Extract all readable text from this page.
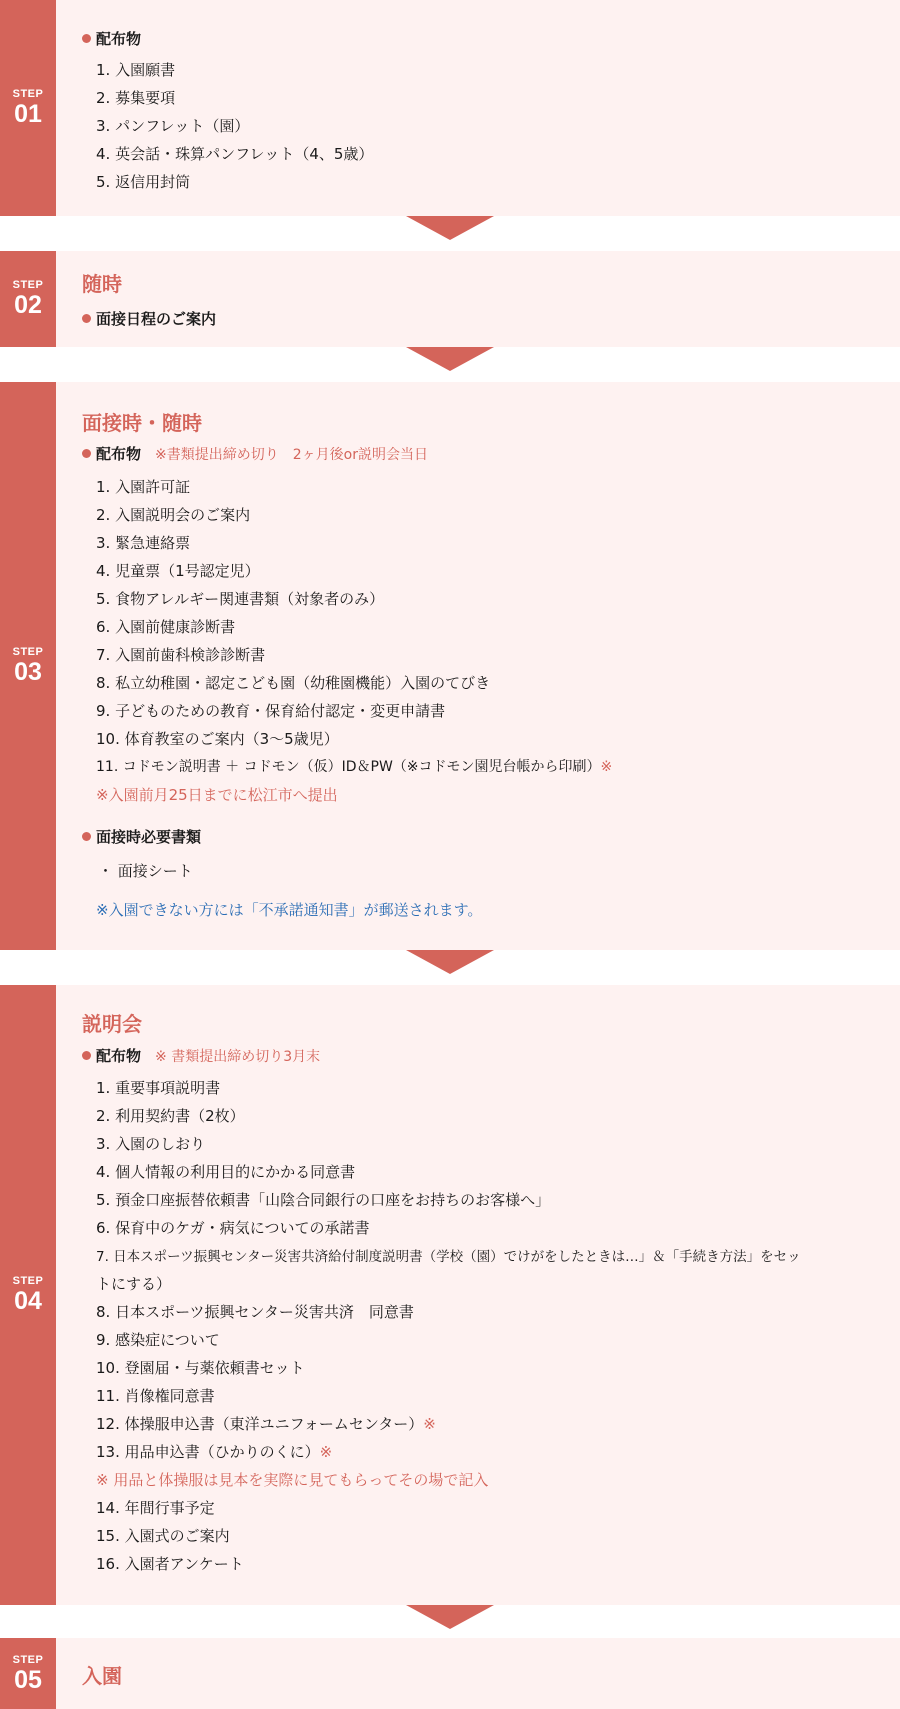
STEP
01
配布物
1. 入園願書
2. 募集要項
3. パンフレット（園）
4. 英会話・珠算パンフレット（4、5歳）
5. 返信用封筒
STEP
02
随時
面接日程のご案内
STEP
03
面接時・随時
配布物 ※書類提出締め切り　2ヶ月後or説明会当日
1. 入園許可証
2. 入園説明会のご案内
3. 緊急連絡票
4. 児童票（1号認定児）
5. 食物アレルギー関連書類（対象者のみ）
6. 入園前健康診断書
7. 入園前歯科検診診断書
8. 私立幼稚園・認定こども園（幼稚園機能）入園のてびき
9. 子どものための教育・保育給付認定・変更申請書
10. 体育教室のご案内（3〜5歳児）
11. コドモン説明書 ＋ コドモン（仮）ID＆PW（※コドモン園児台帳から印刷）※
※入園前月25日までに松江市へ提出
面接時必要書類
・ 面接シート
※入園できない方には「不承諾通知書」が郵送されます。
STEP
04
説明会
配布物 ※ 書類提出締め切り3月末
1. 重要事項説明書
2. 利用契約書（2枚）
3. 入園のしおり
4. 個人情報の利用目的にかかる同意書
5. 預金口座振替依頼書「山陰合同銀行の口座をお持ちのお客様へ」
6. 保育中のケガ・病気についての承諾書
7. 日本スポーツ振興センター災害共済給付制度説明書（学校（園）でけがをしたときは…」＆「手続き方法」をセッ
トにする）
8. 日本スポーツ振興センター災害共済　同意書
9. 感染症について
10. 登園届・与薬依頼書セット
11. 肖像権同意書
12. 体操服申込書（東洋ユニフォームセンター）※
13. 用品申込書（ひかりのくに）※
※ 用品と体操服は見本を実際に見てもらってその場で記入
14. 年間行事予定
15. 入園式のご案内
16. 入園者アンケート
STEP
05 入園
